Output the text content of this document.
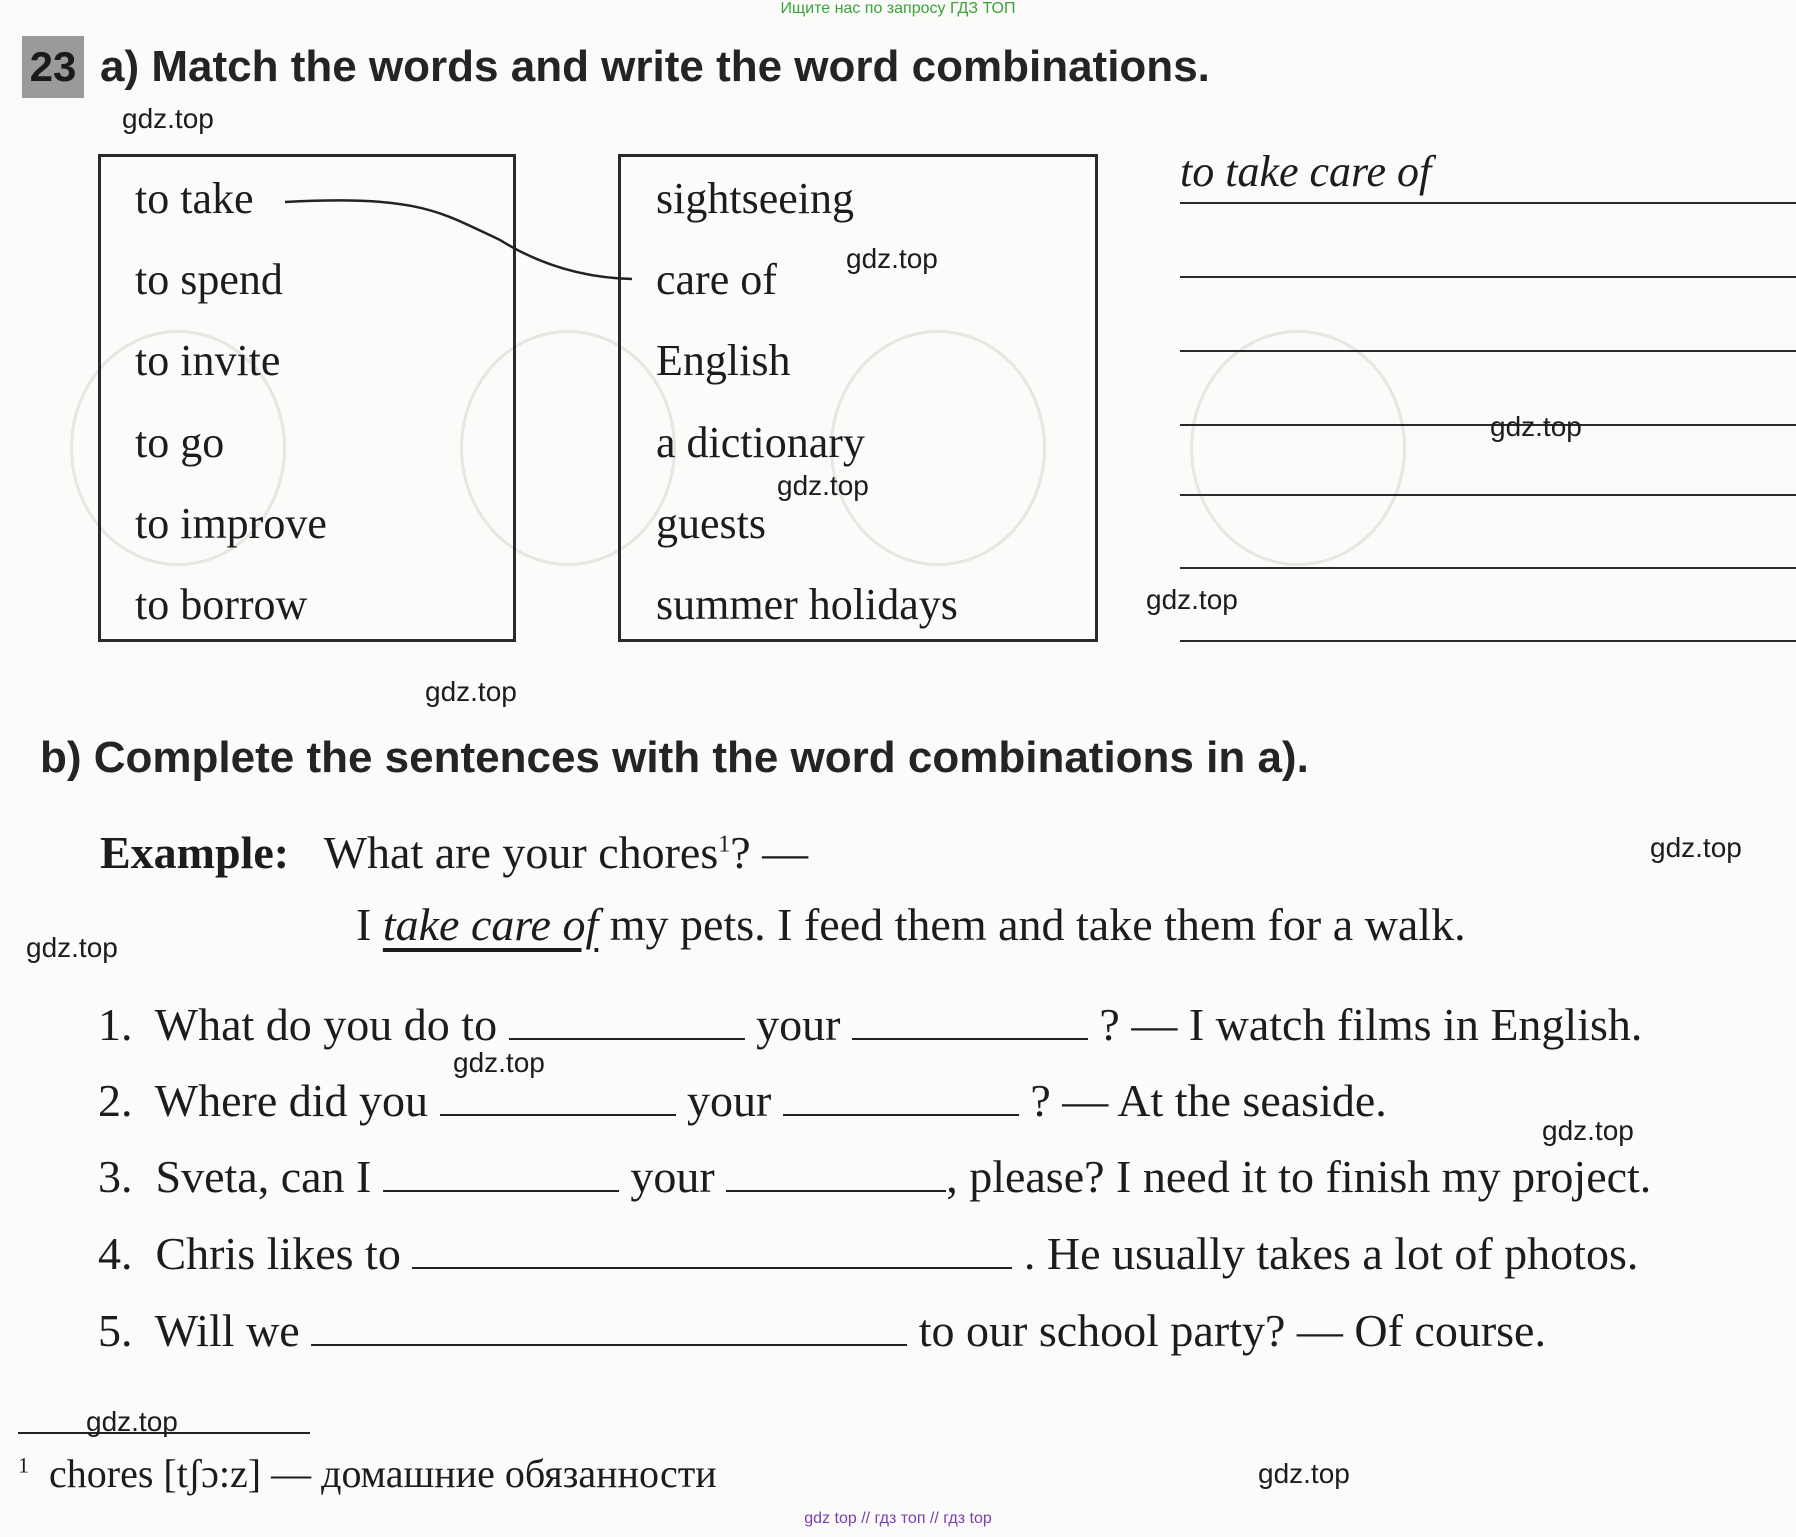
Ищите нас по запросу ГДЗ ТОП
23 a) Match the words and write the word combinations.
to take
to spend
to invite
to go
to improve
to borrow
sightseeing
care of
English
a dictionary
guests
summer holidays
to take care of
b) Complete the sentences with the word combinations in a).
Example: What are your chores$^1$? —
I take care of my pets. I feed them and take them for a walk.
1. What do you do to	your	? — I watch films in English.
2. Where did you	your	? — At the seaside.
3. Sveta, can I	your	, please? I need it to finish my project.
4. Chris likes to	. He usually takes a lot of photos.
5. Will we	to our school party? — Of course.
$^1$ chores [tʃɔ:z] — домашние обязанности
gdz.top
gdz.top
gdz.top
gdz.top
gdz.top
gdz.top
gdz.top
gdz.top
gdz.top
gdz.top
gdz.top
gdz.top
gdz top // гдз топ // гдз top
